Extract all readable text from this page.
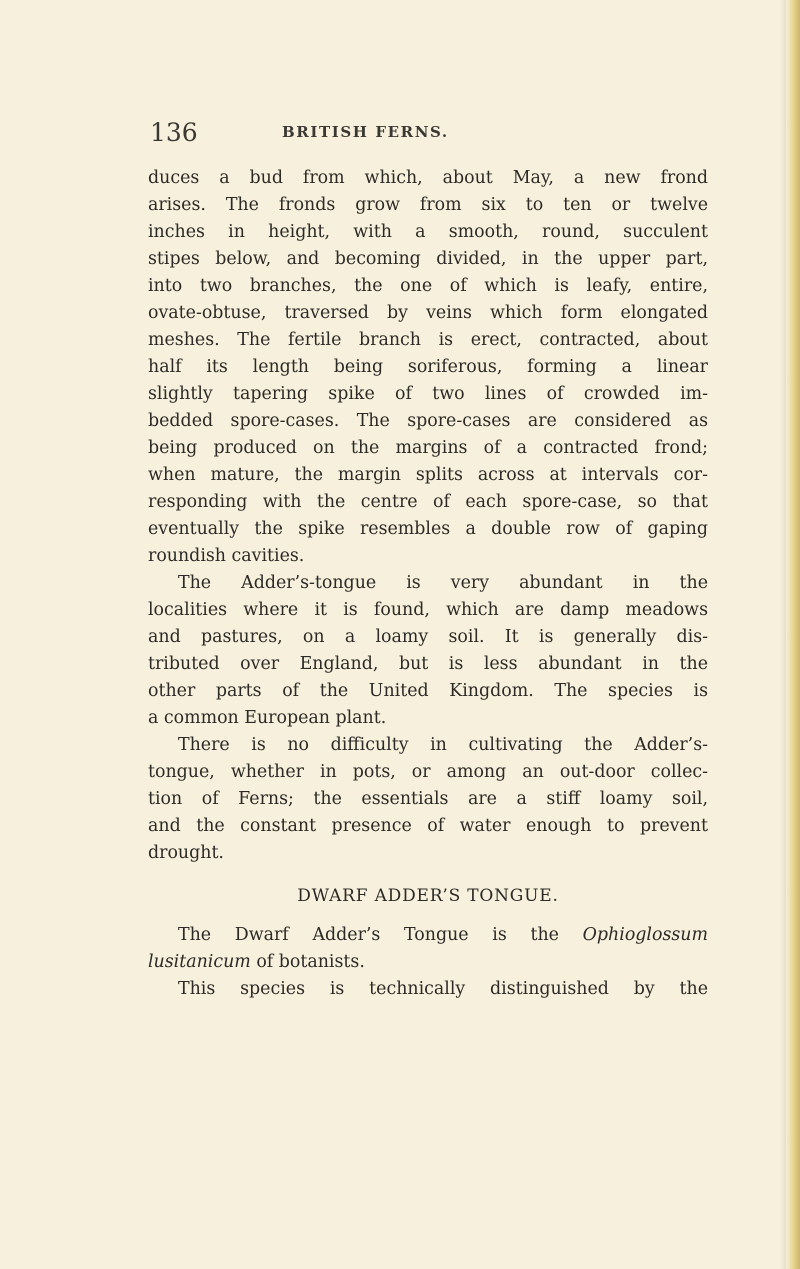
136	BRITISH FERNS.
duces a bud from which, about May, a new frond
arises. The fronds grow from six to ten or twelve
inches in height, with a smooth, round, succulent
stipes below, and becoming divided, in the upper part,
into two branches, the one of which is leafy, entire,
ovate-obtuse, traversed by veins which form elongated
meshes. The fertile branch is erect, contracted, about
half its length being soriferous, forming a linear
slightly tapering spike of two lines of crowded im-
bedded spore-cases. The spore-cases are considered as
being produced on the margins of a contracted frond;
when mature, the margin splits across at intervals cor-
responding with the centre of each spore-case, so that
eventually the spike resembles a double row of gaping
roundish cavities.
The Adder’s-tongue is very abundant in the
localities where it is found, which are damp meadows
and pastures, on a loamy soil. It is generally dis-
tributed over England, but is less abundant in the
other parts of the United Kingdom. The species is
a common European plant.
There is no difficulty in cultivating the Adder’s-
tongue, whether in pots, or among an out-door collec-
tion of Ferns; the essentials are a stiff loamy soil,
and the constant presence of water enough to prevent
drought.
DWARF ADDER’S TONGUE.
The Dwarf Adder’s Tongue is the Ophioglossum
lusitanicum of botanists.
This species is technically distinguished by the
